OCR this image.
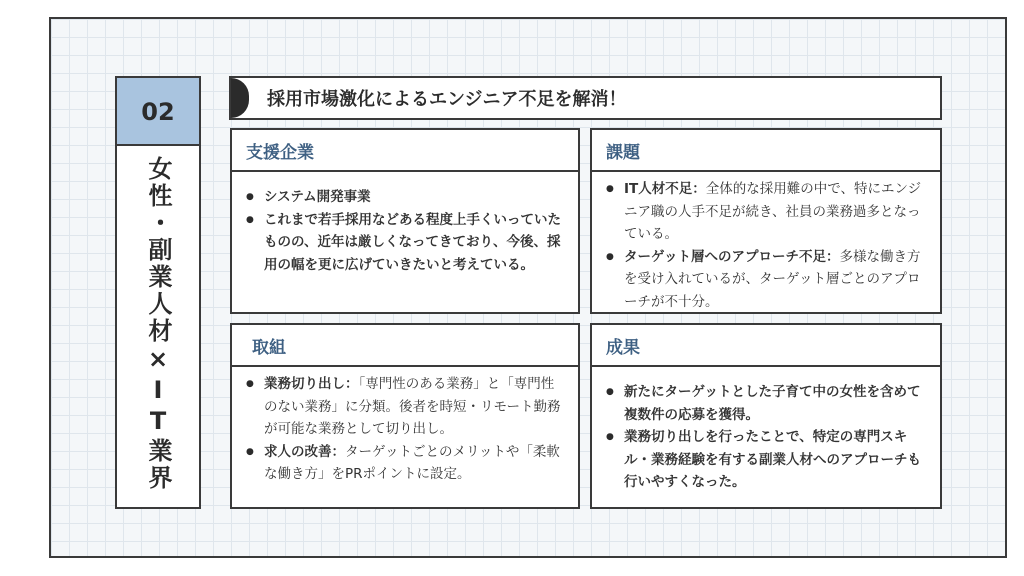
02
女性・副業人材×IT業界
採用市場激化によるエンジニア不足を解消！
支援企業
● システム開発事業
● これまで若手採用などある程度上手くいっていたものの、近年は厳しくなってきており、今後、採用の幅を更に広げていきたいと考えている。
課題
● IT人材不足：全体的な採用難の中で、特にエンジニア職の人手不足が続き、社員の業務過多となっている。
● ターゲット層へのアプローチ不足：多様な働き方を受け入れているが、ターゲット層ごとのアプローチが不十分。
取組
● 業務切り出し：「専門性のある業務」と「専門性のない業務」に分類。後者を時短・リモート勤務が可能な業務として切り出し。
● 求人の改善：ターゲットごとのメリットや「柔軟な働き方」をPRポイントに設定。
成果
● 新たにターゲットとした子育て中の女性を含めて複数件の応募を獲得。
● 業務切り出しを行ったことで、特定の専門スキル・業務経験を有する副業人材へのアプローチも行いやすくなった。
